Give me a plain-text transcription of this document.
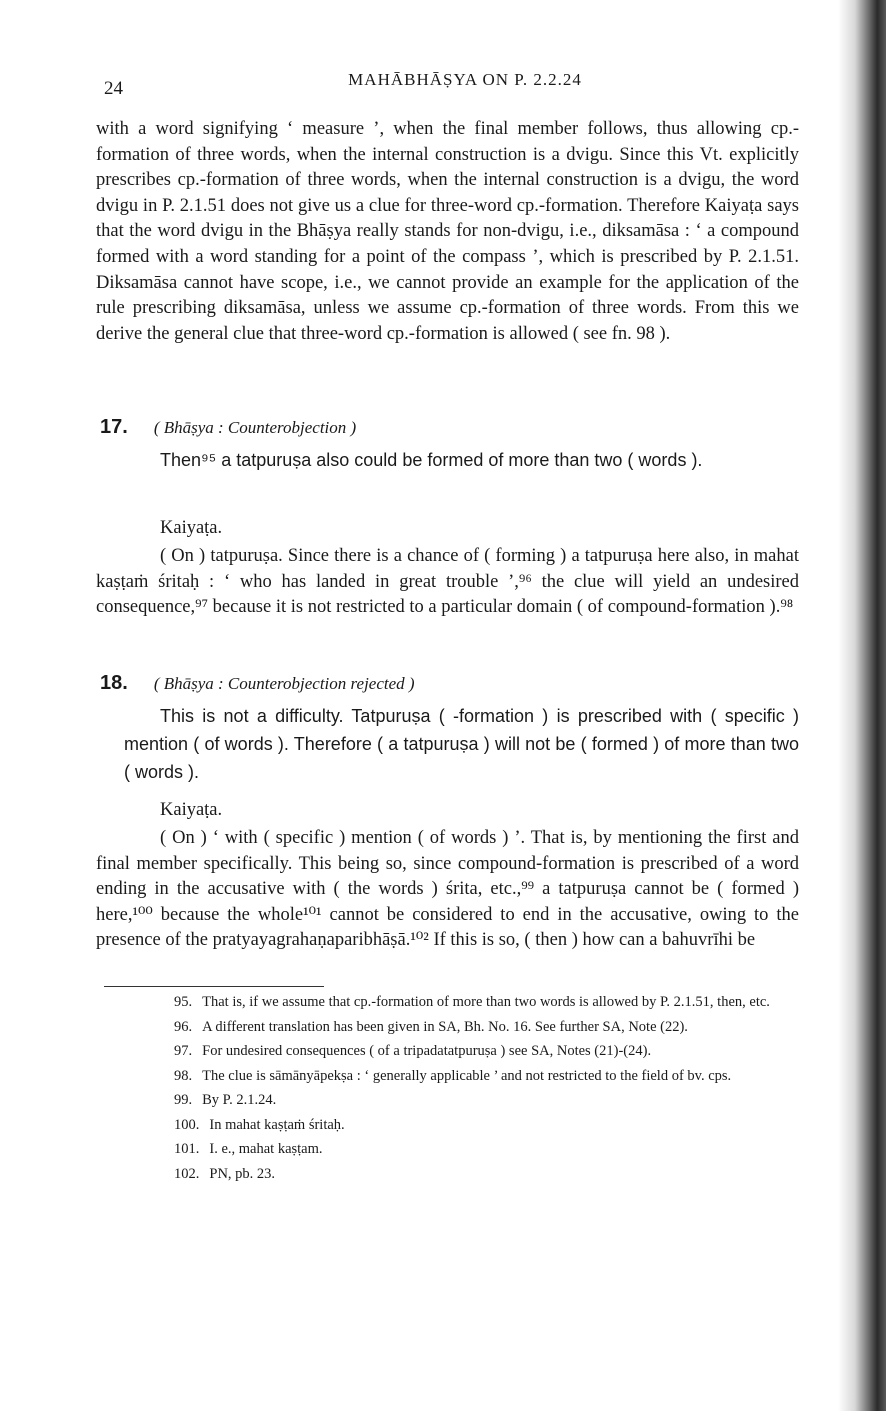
24	MAHĀBHĀṢYA ON P. 2.2.24
with a word signifying ‘ measure ’, when the final member follows, thus allowing cp.-formation of three words, when the internal construction is a dvigu. Since this Vt. explicitly prescribes cp.-formation of three words, when the internal construction is a dvigu, the word dvigu in P. 2.1.51 does not give us a clue for three-word cp.-formation. Therefore Kaiyaṭa says that the word dvigu in the Bhāṣya really stands for non-dvigu, i.e., diksamāsa : ‘ a compound formed with a word standing for a point of the compass ’, which is prescribed by P. 2.1.51. Diksamāsa cannot have scope, i.e., we cannot provide an example for the application of the rule prescribing diksamāsa, unless we assume cp.-formation of three words. From this we derive the general clue that three-word cp.-formation is allowed ( see fn. 98 ).
17. ( Bhāṣya : Counterobjection )
Then⁹⁵ a tatpuruṣa also could be formed of more than two ( words ).
Kaiyaṭa.
( On ) tatpuruṣa. Since there is a chance of ( forming ) a tatpuruṣa here also, in mahat kaṣṭaṁ śritaḥ : ‘ who has landed in great trouble ’,⁹⁶ the clue will yield an undesired consequence,⁹⁷ because it is not restricted to a particular domain ( of compound-formation ).⁹⁸
18. ( Bhāṣya : Counterobjection rejected )
This is not a difficulty. Tatpuruṣa ( -formation ) is prescribed with ( specific ) mention ( of words ). Therefore ( a tatpuruṣa ) will not be ( formed ) of more than two ( words ).
Kaiyaṭa.
( On ) ‘ with ( specific ) mention ( of words ) ’. That is, by mentioning the first and final member specifically. This being so, since compound-formation is prescribed of a word ending in the accusative with ( the words ) śrita, etc.,⁹⁹ a tatpuruṣa cannot be ( formed ) here,¹⁰⁰ because the whole¹⁰¹ cannot be considered to end in the accusative, owing to the presence of the pratyayagrahaṇaparibhāṣā.¹⁰² If this is so, ( then ) how can a bahuvrīhi be
95. That is, if we assume that cp.-formation of more than two words is allowed by P. 2.1.51, then, etc.
96. A different translation has been given in SA, Bh. No. 16. See further SA, Note (22).
97. For undesired consequences ( of a tripadatatpuruṣa ) see SA, Notes (21)-(24).
98. The clue is sāmānyāpekṣa : ‘ generally applicable ’ and not restricted to the field of bv. cps.
99. By P. 2.1.24.
100. In mahat kaṣṭaṁ śritaḥ.
101. I. e., mahat kaṣṭam.
102. PN, pb. 23.
